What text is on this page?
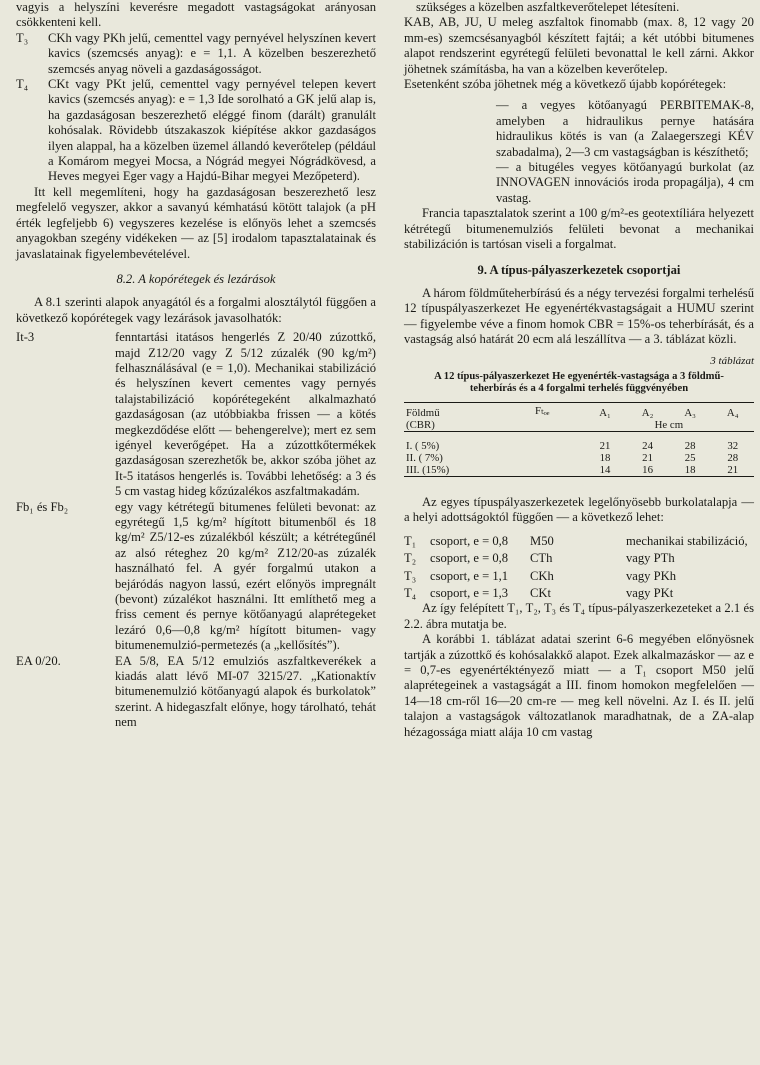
vagyis a helyszíni keverésre megadott vastagságokat arányosan csökkenteni kell.

T₃	CKh vagy PKh jelű, cementtel vagy pernyével helyszínen kevert kavics (szemcsés anyag): e = 1,1. A közelben beszerezhető szemcsés anyag növeli a gazdaságosságot.
T₄	CKt vagy PKt jelű, cementtel vagy pernyével telepen kevert kavics (szemcsés anyag): e = 1,3 Ide sorolható a GK jelű alap is, ha gazdaságosan beszerezhető eléggé finom (darált) granulált kohósalak. Rövidebb útszakaszok kiépítése akkor gazdaságos ilyen alappal, ha a közelben üzemel állandó keverőtelep (például a Komárom megyei Mocsa, a Nógrád megyei Nógrádkövesd, a Heves megyei Eger vagy a Hajdú-Bihar megyei Mezőpeterd).

Itt kell megemlíteni, hogy ha gazdaságosan beszerezhető lesz megfelelő vegyszer, akkor a savanyú kémhatású kötött talajok (a pH érték legfeljebb 6) vegyszeres kezelése is előnyös lehet a szemcsés anyagokban szegény vidékeken — az [5] irodalom tapasztalatainak és javaslatainak figyelembevételével.

8.2. A kopórétegek és lezárások

A 8.1 szerinti alapok anyagától és a forgalmi alosztálytól függően a következő kopórétegek vagy lezárások javasolhatók:

It-3	fenntartási itatásos hengerlés Z 20/40 zúzottkő, majd Z12/20 vagy Z 5/12 zúzalék (90 kg/m²) felhasználásával (e = 1,0). Mechanikai stabilizáció és helyszínen kevert cementes vagy pernyés talajstabilizáció kopórétegeként alkalmazható gazdaságosan (az utóbbiakba frissen — a kötés megkezdődése előtt — behengerelve); mert ez sem igényel keverőgépet. Ha a zúzottkőtermékek gazdaságosan szerezhetők be, akkor szóba jöhet az It-5 itatásos hengerlés is. További lehetőség: a 3 és 5 cm vastag hideg kőzúzalékos aszfaltmakadám.
Fb₁ és Fb₂	egy vagy kétrétegű bitumenes felületi bevonat: az egyrétegű 1,5 kg/m² hígított bitumenből és 18 kg/m² Z5/12-es zúzalékból készült; a kétrétegűnél az alsó réteghez 20 kg/m² Z12/20-as zúzalék használható fel. A gyér forgalmú utakon a bejáródás nagyon lassú, ezért előnyös impregnált (bevont) zúzalékot használni. Itt említhető meg a friss cement és pernye kötőanyagú alaprétegeket lezáró 0,6—0,8 kg/m² hígított bitumen- vagy bitumenemulzió-permetezés (a „kellősítés”).
EA 0/20.	EA 5/8, EA 5/12 emulziós aszfaltkeverékek a kiadás alatt lévő MI-07 3215/27. „Kationaktív bitumenemulzió kötőanyagú alapok és burkolatok” szerint. A hidegaszfalt előnye, hogy tárolható, tehát nem

szükséges a közelben aszfaltkeverőtelepet létesíteni.

KAB, AB, JU, U meleg aszfaltok finomabb (max. 8, 12 vagy 20 mm-es) szemcsésanyagból készített fajtái; a két utóbbi bitumenes alapot rendszerint egyrétegű felületi bevonattal le kell zárni. Akkor jöhetnek számításba, ha van a közelben keverőtelep.

Esetenként szóba jöhetnek még a következő újabb kopórétegek:

— a vegyes kötőanyagú PERBITEMAK-8, amelyben a hidraulikus pernye hatására hidraulikus kötés is van (a Zalaegerszegi KÉV szabadalma), 2—3 cm vastagságban is készíthető;

— a bitugéles vegyes kötőanyagú burkolat (az INNOVAGEN innovációs iroda propagálja), 4 cm vastag.

Francia tapasztalatok szerint a 100 g/m²-es geotextíliára helyezett kétrétegű bitumenemulziós felületi bevonat a mechanikai stabilizáción is tartósan viseli a forgalmat.

9. A típus-pályaszerkezetek csoportjai

A három földműteherbírású és a négy tervezési forgalmi terhelésű 12 típuspályaszerkezet He egyenértékvastagságait a HUMU szerint — figyelembe véve a finom homok CBR = 15%-os teherbírását, és a vastagság alsó határát 20 ecm alá leszállítva — a 3. táblázat közli.

3 táblázat
A 12 típus-pályaszerkezet He egyenérték-vastagsága a 3 földmű-teherbírás és a 4 forgalmi terhelés függvényében
Földmű	Fₜₒₑ	A₁	A₂	A₃	A₄
(CBR)		He cm			

I. ( 5%)		21	24	28	32
II. ( 7%)		18	21	25	28
III. (15%)		14	16	18	21

Az egyes típuspályaszerkezetek legelőnyösebb burkolatalapja — a helyi adottságoktól függően — a következő lehet:

T₁	csoport, e = 0,8	M50	mechanikai stabilizáció,
T₂	csoport, e = 0,8	CTh	vagy PTh
T₃	csoport, e = 1,1	CKh	vagy PKh
T₄	csoport, e = 1,3	CKt	vagy PKt

Az így felépített T₁, T₂, T₃ és T₄ típus-pályaszerkezeteket a 2.1 és 2.2. ábra mutatja be.

A korábbi 1. táblázat adatai szerint 6-6 megyében előnyösnek tartják a zúzottkő és kohósalakkő alapot. Ezek alkalmazáskor — az e = 0,7-es egyenértéktényező miatt — a T₁ csoport M50 jelű alaprétegeinek a vastagságát a III. finom homokon megfelelően — 14—18 cm-ről 16—20 cm-re — meg kell növelni. Az I. és II. jelű talajon a vastagságok változatlanok maradhatnak, de a ZA-alap hézagossága miatt alája 10 cm vastag
